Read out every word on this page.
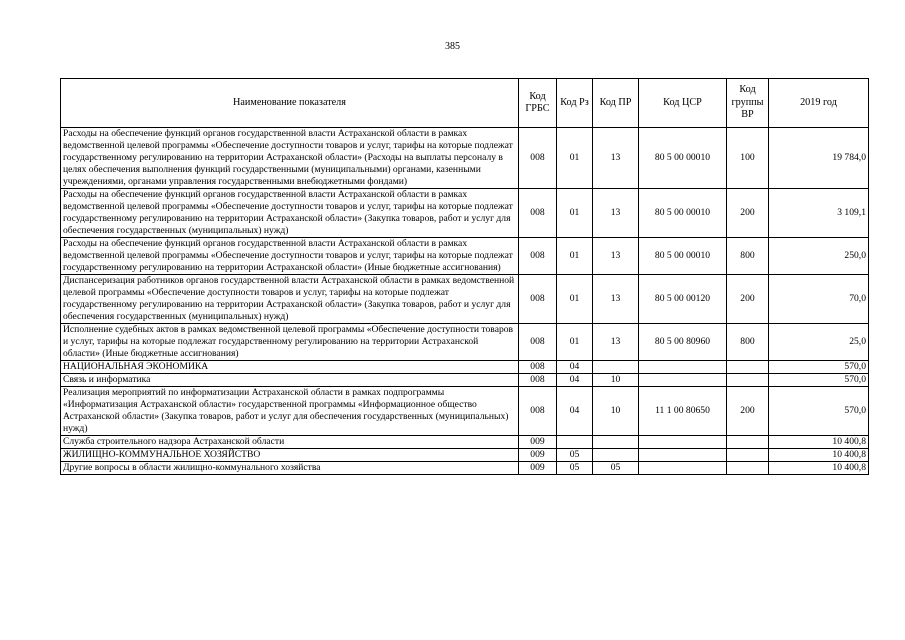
385
Наименование показателя	Код ГРБС	Код Рз	Код ПР	Код ЦСР	Код группы ВР	2019 год
Расходы на обеспечение функций органов государственной власти Астраханской области в рамках ведомственной целевой программы «Обеспечение доступности товаров и услуг, тарифы на которые подлежат государственному регулированию на территории Астраханской области» (Расходы на выплаты персоналу в целях обеспечения выполнения функций государственными (муниципальными) органами, казенными учреждениями, органами управления государственными внебюджетными фондами)	008	01	13	80 5 00 00010	100	19 784,0
Расходы на обеспечение функций органов государственной власти Астраханской области в рамках ведомственной целевой программы «Обеспечение доступности товаров и услуг, тарифы на которые подлежат государственному регулированию на территории Астраханской области» (Закупка товаров, работ и услуг для обеспечения государственных (муниципальных) нужд)	008	01	13	80 5 00 00010	200	3 109,1
Расходы на обеспечение функций органов государственной власти Астраханской области в рамках ведомственной целевой программы «Обеспечение доступности товаров и услуг, тарифы на которые подлежат государственному регулированию на территории Астраханской области» (Иные бюджетные ассигнования)	008	01	13	80 5 00 00010	800	250,0
Диспансеризация работников органов государственной власти Астраханской области в рамках ведомственной целевой программы «Обеспечение доступности товаров и услуг, тарифы на которые подлежат государственному регулированию на территории Астраханской области» (Закупка товаров, работ и услуг для обеспечения государственных (муниципальных) нужд)	008	01	13	80 5 00 00120	200	70,0
Исполнение судебных актов в рамках ведомственной целевой программы «Обеспечение доступности товаров и услуг, тарифы на которые подлежат государственному регулированию на территории Астраханской области» (Иные бюджетные ассигнования)	008	01	13	80 5 00 80960	800	25,0
НАЦИОНАЛЬНАЯ ЭКОНОМИКА	008	04				570,0
Связь и информатика	008	04	10			570,0
Реализация мероприятий по информатизации Астраханской области в рамках подпрограммы «Информатизация Астраханской области» государственной программы «Информационное общество Астраханской области» (Закупка товаров, работ и услуг для обеспечения государственных (муниципальных) нужд)	008	04	10	11 1 00 80650	200	570,0
Служба строительного надзора Астраханской области	009					10 400,8
ЖИЛИЩНО-КОММУНАЛЬНОЕ ХОЗЯЙСТВО	009	05				10 400,8
Другие вопросы в области жилищно-коммунального хозяйства	009	05	05			10 400,8
